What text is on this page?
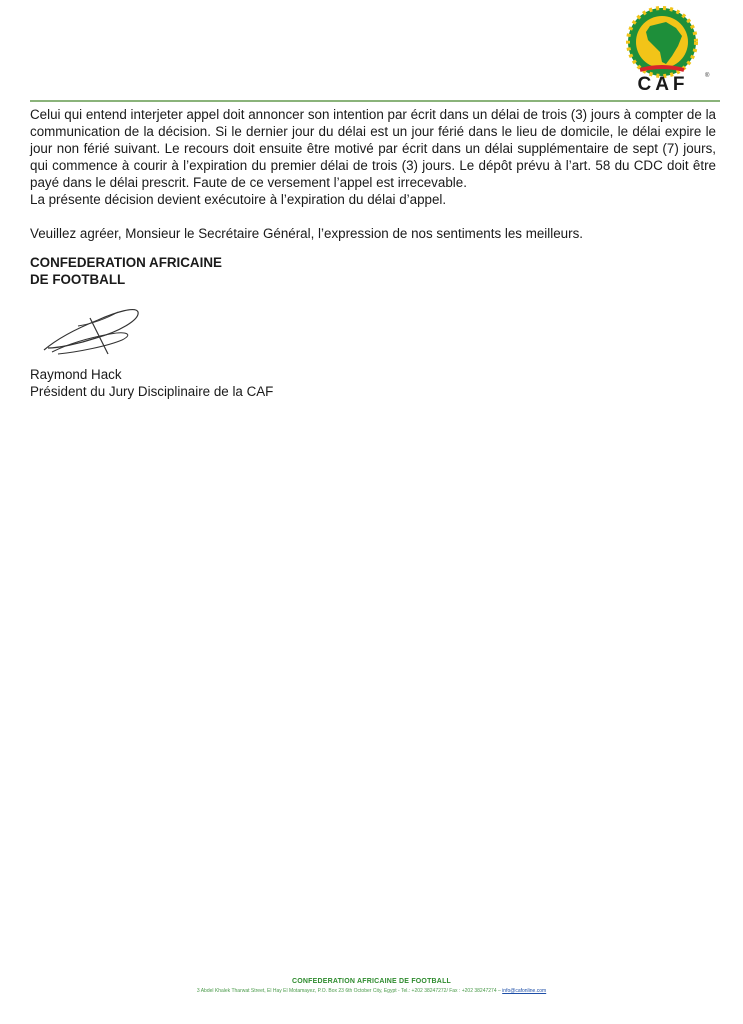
CAF	®

Celui qui entend interjeter appel doit annoncer son intention par écrit dans un délai de trois (3) jours à compter de la communication de la décision. Si le dernier jour du délai est un jour férié dans le lieu de domicile, le délai expire le jour non férié suivant. Le recours doit ensuite être motivé par écrit dans un délai supplémentaire de sept (7) jours, qui commence à courir à l’expiration du premier délai de trois (3) jours. Le dépôt prévu à l’art. 58 du CDC doit être payé dans le délai prescrit. Faute de ce versement l’appel est irrecevable.

La présente décision devient exécutoire à l’expiration du délai d’appel.

Veuillez agréer, Monsieur le Secrétaire Général, l’expression de nos sentiments les meilleurs.

CONFEDERATION AFRICAINE
DE FOOTBALL
Raymond Hack
Président du Jury Disciplinaire de la CAF
CONFEDERATION AFRICAINE DE FOOTBALL
3 Abdel Khalek Tharwat Street, El Hay El Motamayez, P.O. Box 23 6th October City, Egypt - Tel.: +202 38247272/ Fax : +202 38247274 – info@cafonline.com
